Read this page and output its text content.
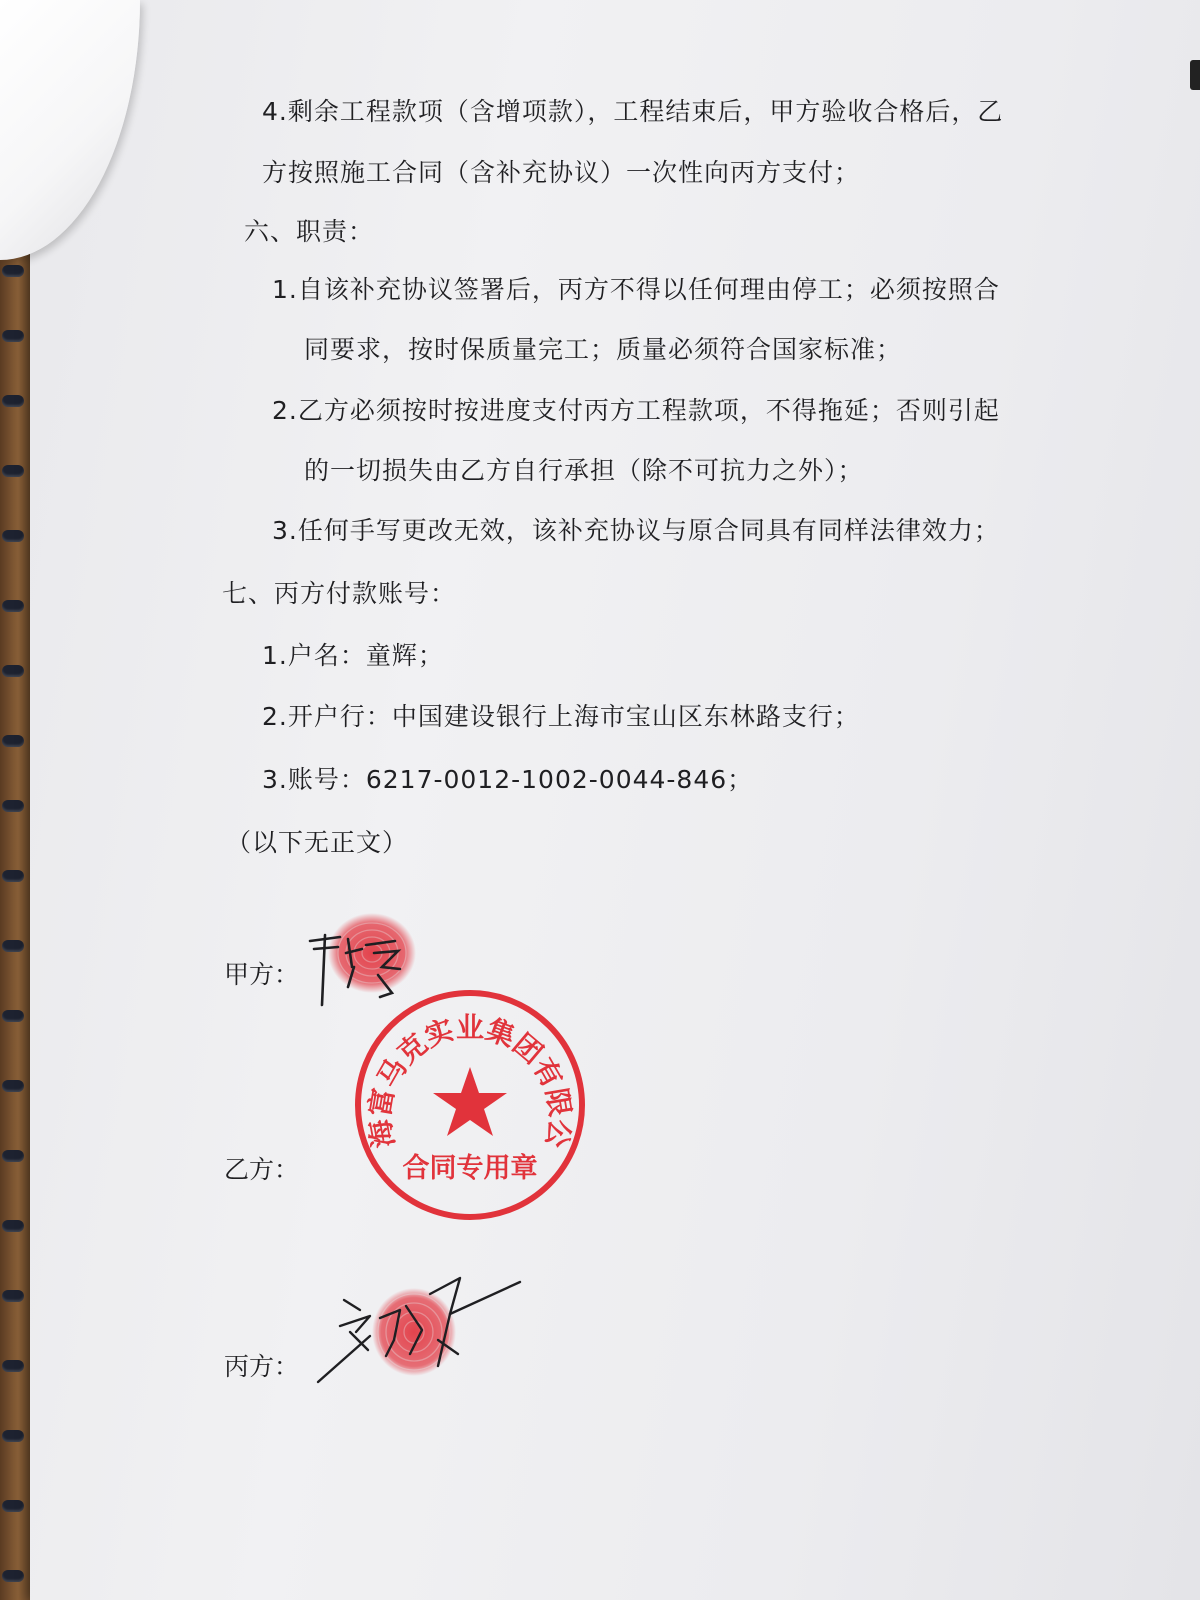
4.剩余工程款项（含增项款），工程结束后，甲方验收合格后，乙
方按照施工合同（含补充协议）一次性向丙方支付；
六、职责：
1.自该补充协议签署后，丙方不得以任何理由停工；必须按照合
同要求，按时保质量完工；质量必须符合国家标准；
2.乙方必须按时按进度支付丙方工程款项，不得拖延；否则引起
的一切损失由乙方自行承担（除不可抗力之外）；
3.任何手写更改无效，该补充协议与原合同具有同样法律效力；
七、丙方付款账号：
1.户名：童辉；
2.开户行：中国建设银行上海市宝山区东林路支行；
3.账号：6217-0012-1002-0044-846；
（以下无正文）
甲方：
乙方：
丙方：
海富马克实业集团有限公
合同专用章
